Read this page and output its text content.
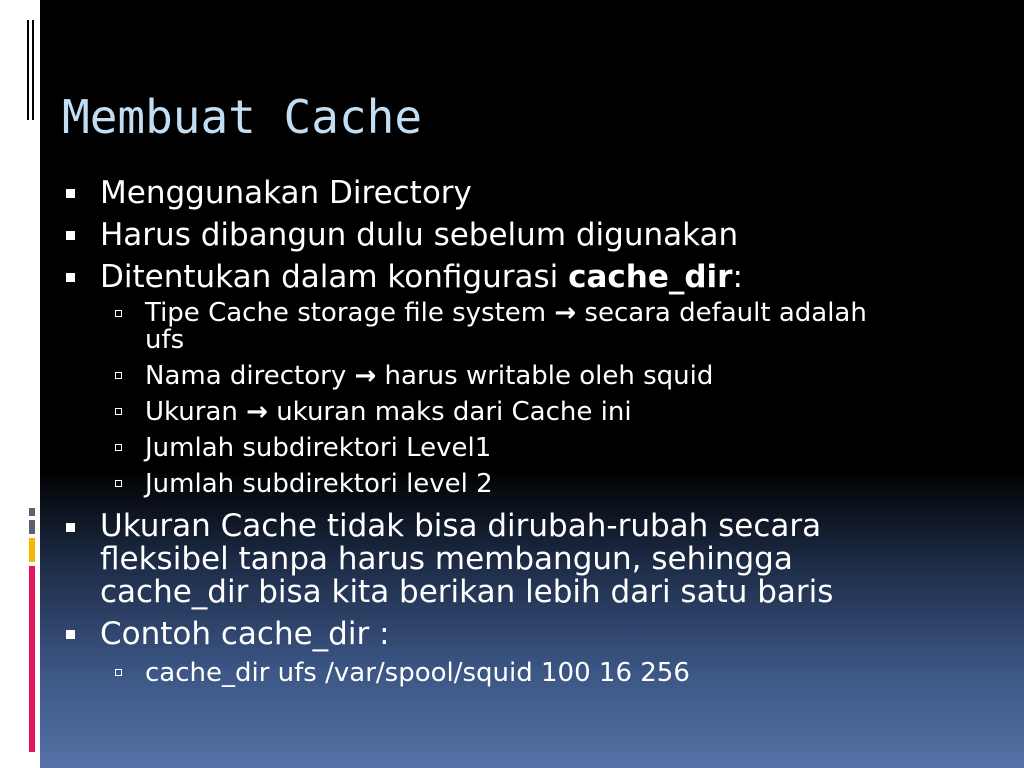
Membuat Cache
Menggunakan Directory
Harus dibangun dulu sebelum digunakan
Ditentukan dalam konfigurasi cache_dir:
Tipe Cache storage file system → secara default adalah
ufs
Nama directory → harus writable oleh squid
Ukuran → ukuran maks dari Cache ini
Jumlah subdirektori Level1
Jumlah subdirektori level 2
Ukuran Cache tidak bisa dirubah-rubah secara
fleksibel tanpa harus membangun, sehingga
cache_dir bisa kita berikan lebih dari satu baris
Contoh cache_dir :
cache_dir ufs /var/spool/squid 100 16 256
